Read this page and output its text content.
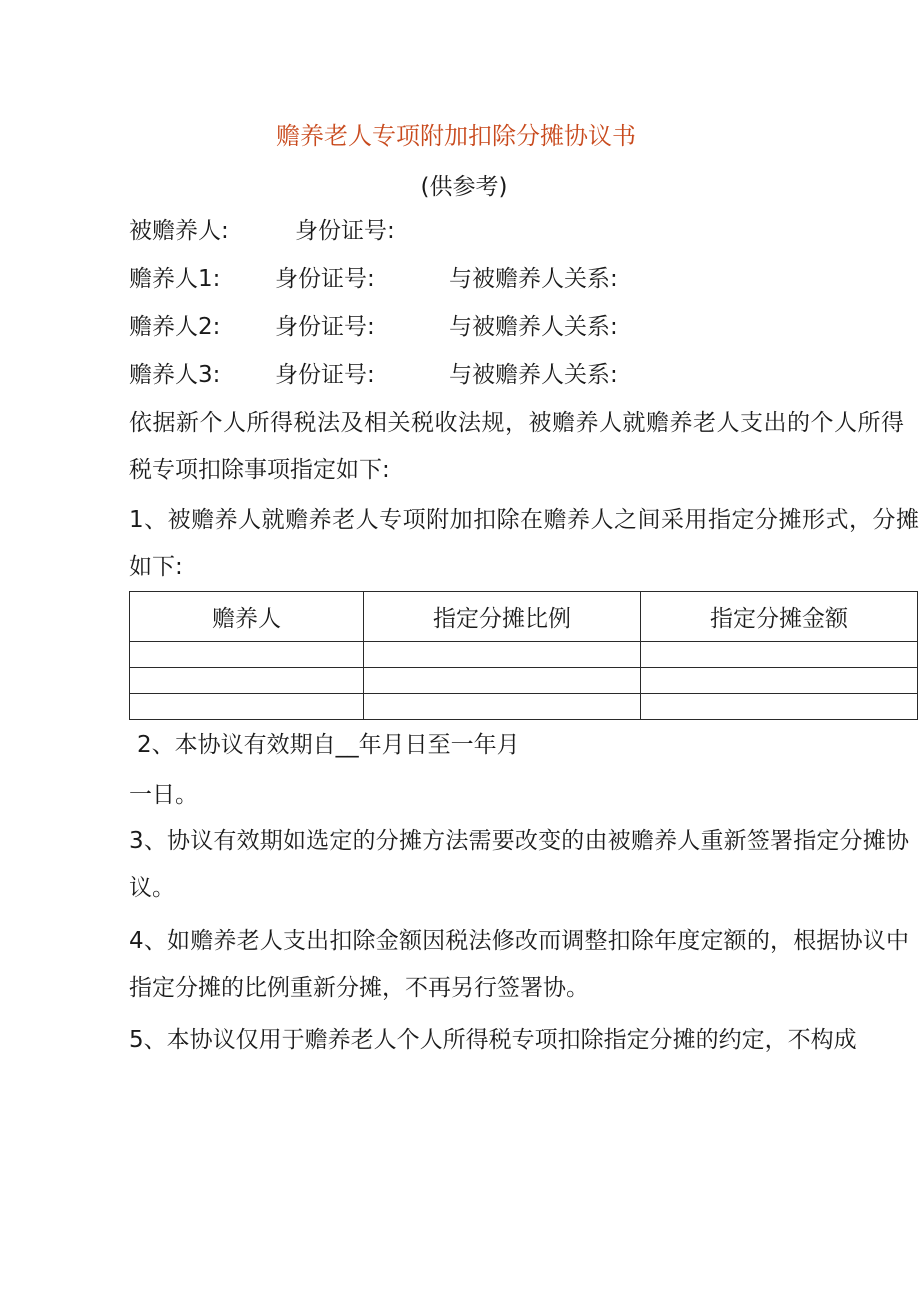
赡养老人专项附加扣除分摊协议书
(供参考)
被赡养人:	身份证号:
赡养人1: 身份证号:	与被赡养人关系:
赡养人2: 身份证号:	与被赡养人关系:
赡养人3: 身份证号:	与被赡养人关系:
依据新个人所得税法及相关税收法规，被赡养人就赡养老人支出的个人所得税专项扣除事项指定如下:
1、被赡养人就赡养老人专项附加扣除在赡养人之间采用指定分摊形式，分摊如下:
赡养人	指定分摊比例	指定分摊金额

2、本协议有效期自__年月日至一年月
一日。
3、协议有效期如选定的分摊方法需要改变的由被赡养人重新签署指定分摊协议。
4、如赡养老人支出扣除金额因税法修改而调整扣除年度定额的，根据协议中指定分摊的比例重新分摊，不再另行签署协。
5、本协议仅用于赡养老人个人所得税专项扣除指定分摊的约定，不构成
